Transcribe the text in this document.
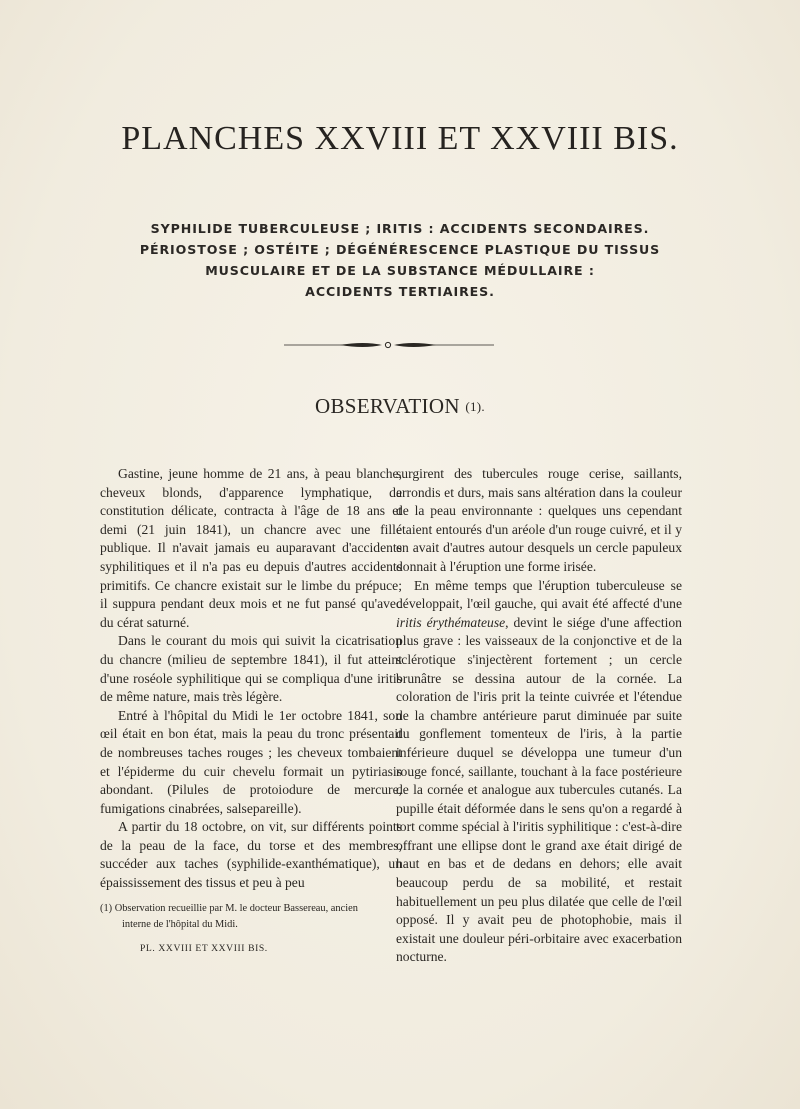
PLANCHES XXVIII ET XXVIII BIS.
SYPHILIDE TUBERCULEUSE ; IRITIS : ACCIDENTS SECONDAIRES.
PÉRIOSTOSE ; OSTÉITE ; DÉGÉNÉRESCENCE PLASTIQUE DU TISSUS
MUSCULAIRE ET DE LA SUBSTANCE MÉDULLAIRE :
ACCIDENTS TERTIAIRES.
OBSERVATION (1).

Gastine, jeune homme de 21 ans, à peau blanche, cheveux blonds, d'apparence lymphatique, de constitution délicate, contracta à l'âge de 18 ans et demi (21 juin 1841), un chancre avec une fille publique. Il n'avait jamais eu auparavant d'accidents syphilitiques et il n'a pas eu depuis d'autres accidents primitifs. Ce chancre existait sur le limbe du prépuce; il suppura pendant deux mois et ne fut pansé qu'avec du cérat saturné.

Dans le courant du mois qui suivit la cicatrisation du chancre (milieu de septembre 1841), il fut atteint d'une roséole syphilitique qui se compliqua d'une iritis de même nature, mais très légère.

Entré à l'hôpital du Midi le 1er octobre 1841, son œil était en bon état, mais la peau du tronc présentait de nombreuses taches rouges ; les cheveux tombaient et l'épiderme du cuir chevelu formait un pytiriasis abondant. (Pilules de protoiodure de mercure, fumigations cinabrées, salsepareille).

A partir du 18 octobre, on vit, sur différents points de la peau de la face, du torse et des membres, succéder aux taches (syphilide-exanthématique), un épaississement des tissus et peu à peu

surgirent des tubercules rouge cerise, saillants, arrondis et durs, mais sans altération dans la couleur de la peau environnante : quelques uns cependant étaient entourés d'un aréole d'un rouge cuivré, et il y en avait d'autres autour desquels un cercle papuleux donnait à l'éruption une forme irisée.

En même temps que l'éruption tuberculeuse se développait, l'œil gauche, qui avait été affecté d'une iritis érythémateuse, devint le siége d'une affection plus grave : les vaisseaux de la conjonctive et de la sclérotique s'injectèrent fortement ; un cercle brunâtre se dessina autour de la cornée. La coloration de l'iris prit la teinte cuivrée et l'étendue de la chambre antérieure parut diminuée par suite du gonflement tomenteux de l'iris, à la partie inférieure duquel se développa une tumeur d'un rouge foncé, saillante, touchant à la face postérieure de la cornée et analogue aux tubercules cutanés. La pupille était déformée dans le sens qu'on a regardé à tort comme spécial à l'iritis syphilitique : c'est-à-dire offrant une ellipse dont le grand axe était dirigé de haut en bas et de dedans en dehors; elle avait beaucoup perdu de sa mobilité, et restait habituellement un peu plus dilatée que celle de l'œil opposé. Il y avait peu de photophobie, mais il existait une douleur péri-orbitaire avec exacerbation nocturne.

(1) Observation recueillie par M. le docteur Bassereau, ancien
interne de l'hôpital du Midi.

PL. XXVIII ET XXVIII BIS.
